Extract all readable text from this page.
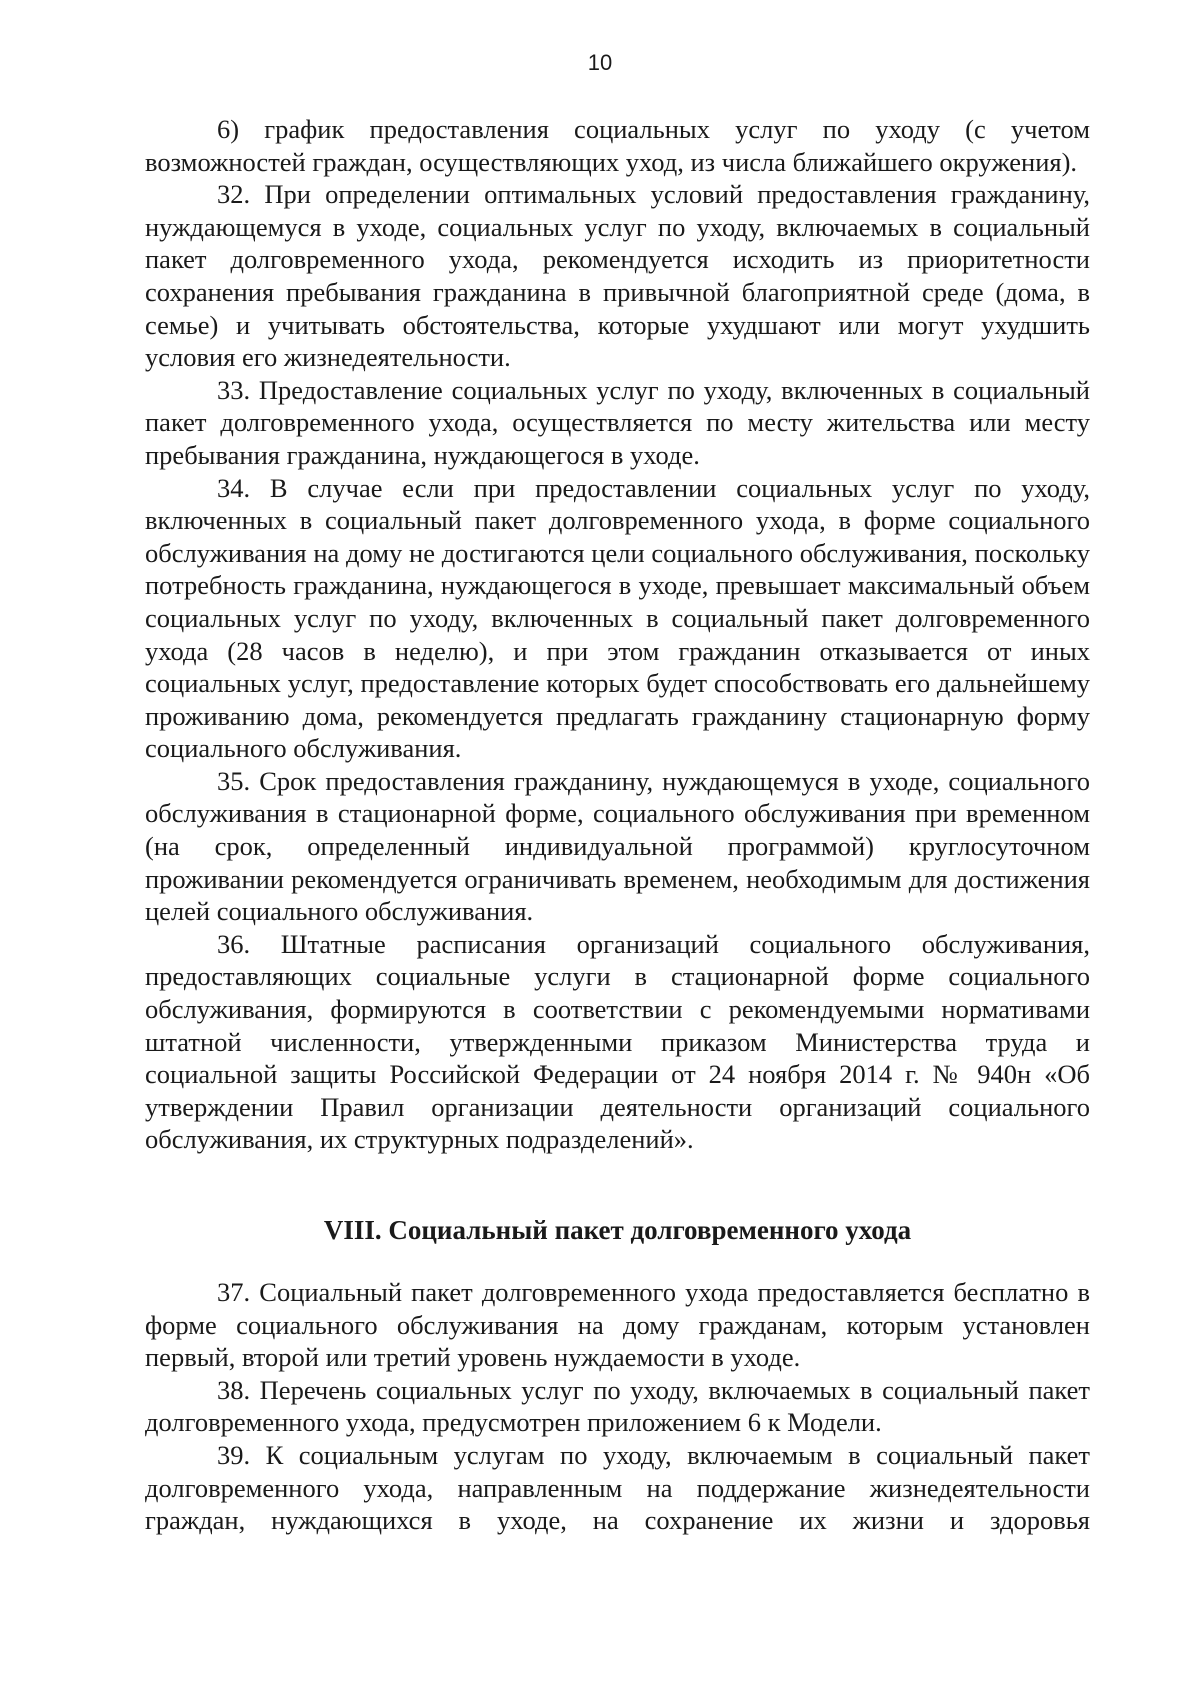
10

6) график предоставления социальных услуг по уходу (с учетом возможностей граждан, осуществляющих уход, из числа ближайшего окружения).

32. При определении оптимальных условий предоставления гражданину, нуждающемуся в уходе, социальных услуг по уходу, включаемых в социальный пакет долговременного ухода, рекомендуется исходить из приоритетности сохранения пребывания гражданина в привычной благоприятной среде (дома, в семье) и учитывать обстоятельства, которые ухудшают или могут ухудшить условия его жизнедеятельности.

33. Предоставление социальных услуг по уходу, включенных в социальный пакет долговременного ухода, осуществляется по месту жительства или месту пребывания гражданина, нуждающегося в уходе.

34. В случае если при предоставлении социальных услуг по уходу, включенных в социальный пакет долговременного ухода, в форме социального обслуживания на дому не достигаются цели социального обслуживания, поскольку потребность гражданина, нуждающегося в уходе, превышает максимальный объем социальных услуг по уходу, включенных в социальный пакет долговременного ухода (28 часов в неделю), и при этом гражданин отказывается от иных социальных услуг, предоставление которых будет способствовать его дальнейшему проживанию дома, рекомендуется предлагать гражданину стационарную форму социального обслуживания.

35. Срок предоставления гражданину, нуждающемуся в уходе, социального обслуживания в стационарной форме, социального обслуживания при временном (на срок, определенный индивидуальной программой) круглосуточном проживании рекомендуется ограничивать временем, необходимым для достижения целей социального обслуживания.

36. Штатные расписания организаций социального обслуживания, предоставляющих социальные услуги в стационарной форме социального обслуживания, формируются в соответствии с рекомендуемыми нормативами штатной численности, утвержденными приказом Министерства труда и социальной защиты Российской Федерации от 24 ноября 2014 г. № 940н «Об утверждении Правил организации деятельности организаций социального обслуживания, их структурных подразделений».

VIII. Социальный пакет долговременного ухода

37. Социальный пакет долговременного ухода предоставляется бесплатно в форме социального обслуживания на дому гражданам, которым установлен первый, второй или третий уровень нуждаемости в уходе.

38. Перечень социальных услуг по уходу, включаемых в социальный пакет долговременного ухода, предусмотрен приложением 6 к Модели.

39. К социальным услугам по уходу, включаемым в социальный пакет долговременного ухода, направленным на поддержание жизнедеятельности граждан, нуждающихся в уходе, на сохранение их жизни и здоровья
